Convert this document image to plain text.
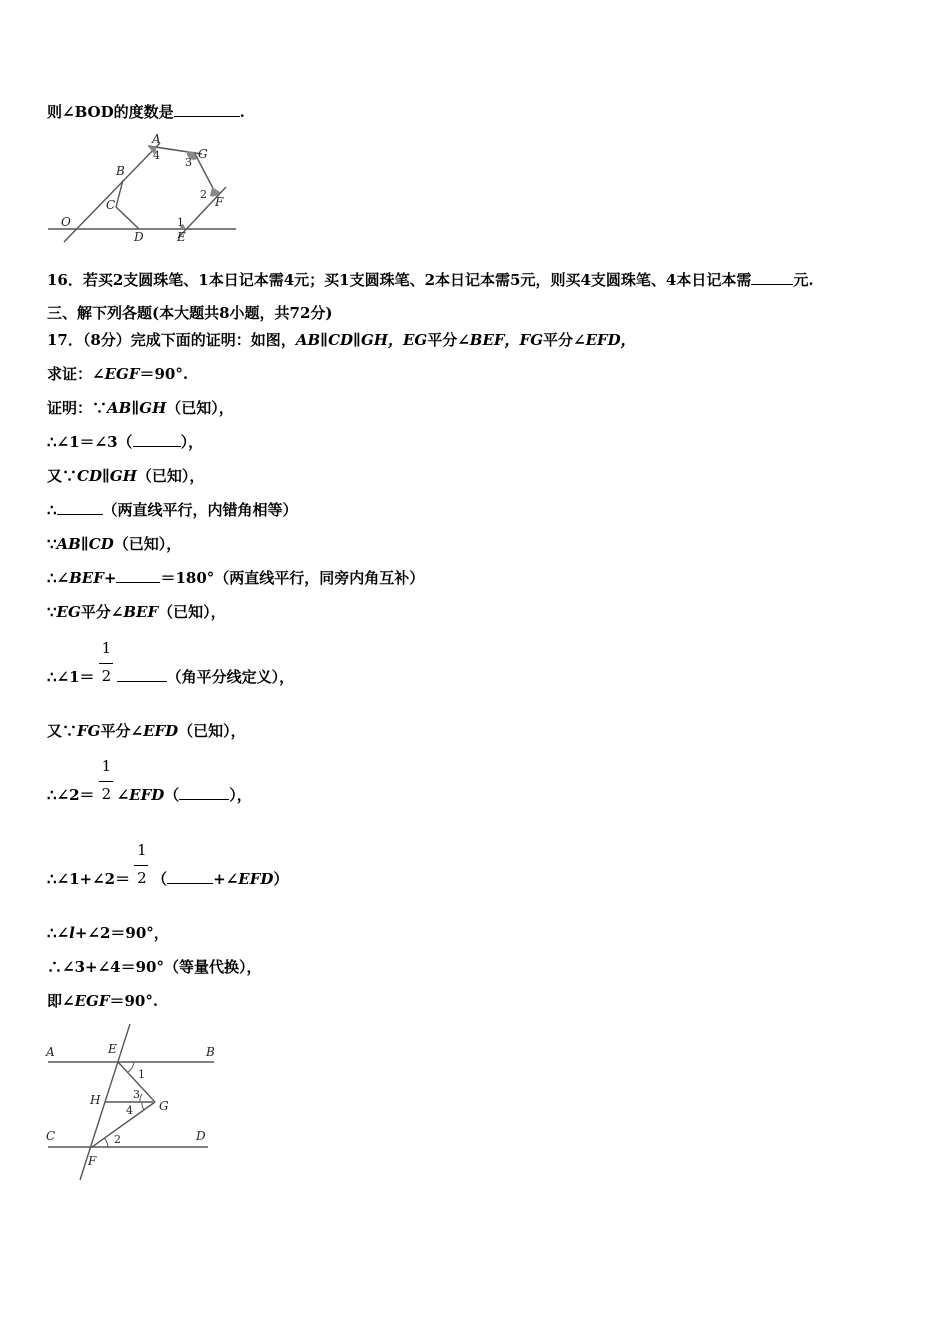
则∠BOD的度数是	.
A
B
C
D	E
F
G
O	1
2
3
4
16．若买2支圆珠笔、1本日记本需4元；买1支圆珠笔、2本日记本需5元，则买4支圆珠笔、4本日记本需	元.
三、解下列各题(本大题共8小题，共72分)
17．（8分）完成下面的证明：如图，AB∥CD∥GH，EG平分∠BEF，FG平分∠EFD，
求证：∠EGF＝90°.
证明：∵AB∥GH（已知），
∴∠1＝∠3（	），
又∵CD∥GH（已知），
∴	（两直线平行，内错角相等）
∵AB∥CD（已知），
∴∠BEF+	＝180°（两直线平行，同旁内角互补）
∵EG平分∠BEF（已知），
∴∠1＝ $\frac{1}{2}$	（角平分线定义），
又∵FG平分∠EFD（已知），
∴∠2＝ $\frac{1}{2}$ ∠EFD（	），
∴∠1+∠2＝ $\frac{1}{2}$ （	+∠EFD）
∴∠l+∠2＝90°，
∴∠3+∠4＝90°（等量代换），
即∠EGF＝90°.
A	B
C	D
E
F
G
H
1
2
3
4
